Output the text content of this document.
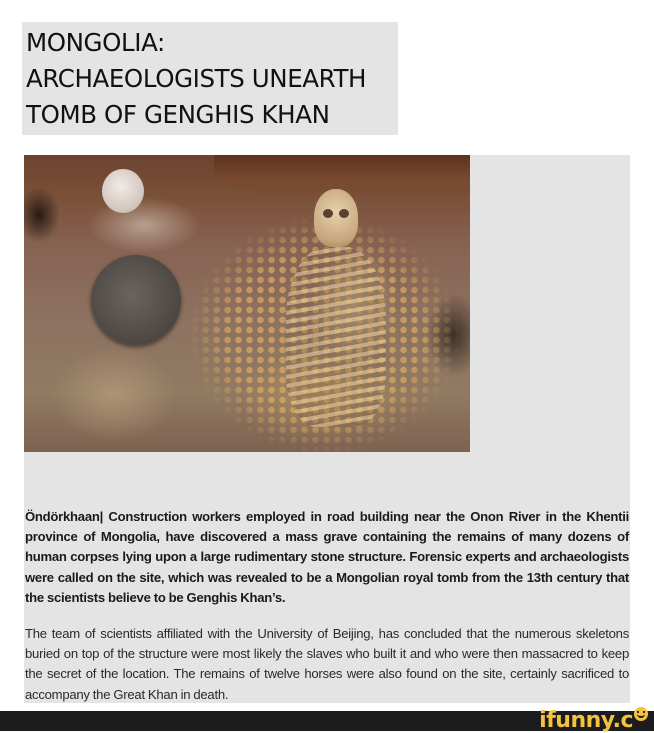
MONGOLIA:
ARCHAEOLOGISTS UNEARTH
TOMB OF GENGHIS KHAN

Öndörkhaan| Construction workers employed in road building near the Onon River in the Khentii province of Mongolia, have discovered a mass grave containing the remains of many dozens of human corpses lying upon a large rudimentary stone structure. Forensic experts and archaeologists were called on the site, which was revealed to be a Mongolian royal tomb from the 13th century that the scientists believe to be Genghis Khan’s.

The team of scientists affiliated with the University of Beijing, has concluded that the numerous skeletons buried on top of the structure were most likely the slaves who built it and who were then massacred to keep the secret of the location. The remains of twelve horses were also found on the site, certainly sacrificed to accompany the Great Khan in death.

ifunny.c
